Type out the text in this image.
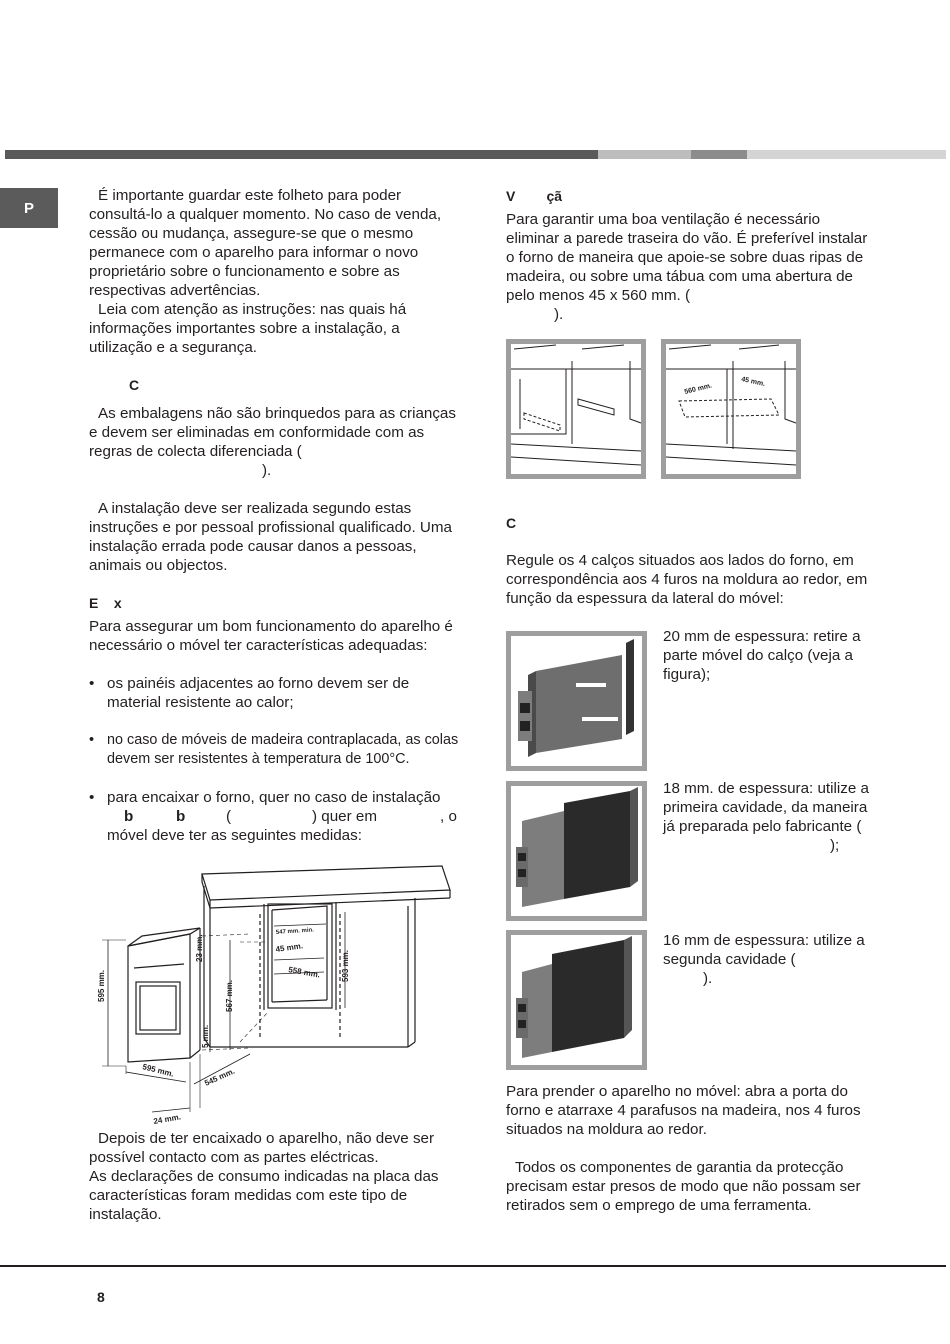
P

É importante guardar este folheto para poder consultá-lo a qualquer momento. No caso de venda, cessão ou mudança, assegure-se que o mesmo permanece com o aparelho para informar o novo proprietário sobre o funcionamento e sobre as respectivas advertências.

Leia com atenção as instruções: nas quais há informações importantes sobre a instalação, a utilização e a segurança.

C

As embalagens não são brinquedos para as crianças e devem ser eliminadas em conformidade com as regras de colecta diferenciada (

).

A instalação deve ser realizada segundo estas instruções e por pessoal profissional qualificado. Uma instalação errada pode causar danos a pessoas, animais ou objectos.

E    x

Para assegurar um bom funcionamento do aparelho é necessário o móvel ter características adequadas:

• os painéis adjacentes ao forno devem ser de material resistente ao calor;
• no caso de móveis de madeira contraplacada, as colas devem ser resistentes à temperatura de 100°C.
• para encaixar o forno, quer no caso de instalação
b	b	(	) quer em	, o
móvel deve ter as seguintes medidas:
595 mm.
23 mm.
567 mm.
5 mm.
595 mm.	545 mm.
24 mm.
547 mm. min.
45 mm.
558 mm.	593 mm.

Depois de ter encaixado o aparelho, não deve ser possível contacto com as partes eléctricas.

As declarações de consumo indicadas na placa das características foram medidas com este tipo de instalação.

V        çã

Para garantir uma boa ventilação é necessário eliminar a parede traseira do vão. É preferível instalar o forno de maneira que apoie-se sobre duas ripas de madeira, ou sobre uma tábua com uma abertura de pelo menos 45 x 560 mm. (

).

560 mm.
45 mm.

C

Regule os 4 calços situados aos lados do forno, em correspondência aos 4 furos na moldura ao redor, em função da espessura da lateral do móvel:

20 mm de espessura: retire a parte móvel do calço (veja a figura);

18 mm. de espessura: utilize a primeira cavidade, da maneira já preparada pelo fabricante (

);

16 mm de espessura: utilize a segunda cavidade (

).

Para prender o aparelho no móvel: abra a porta do forno e atarraxe 4 parafusos na madeira, nos 4 furos situados na moldura ao redor.

Todos os componentes de garantia da protecção precisam estar presos de modo que não possam ser retirados sem o emprego de uma ferramenta.

8
